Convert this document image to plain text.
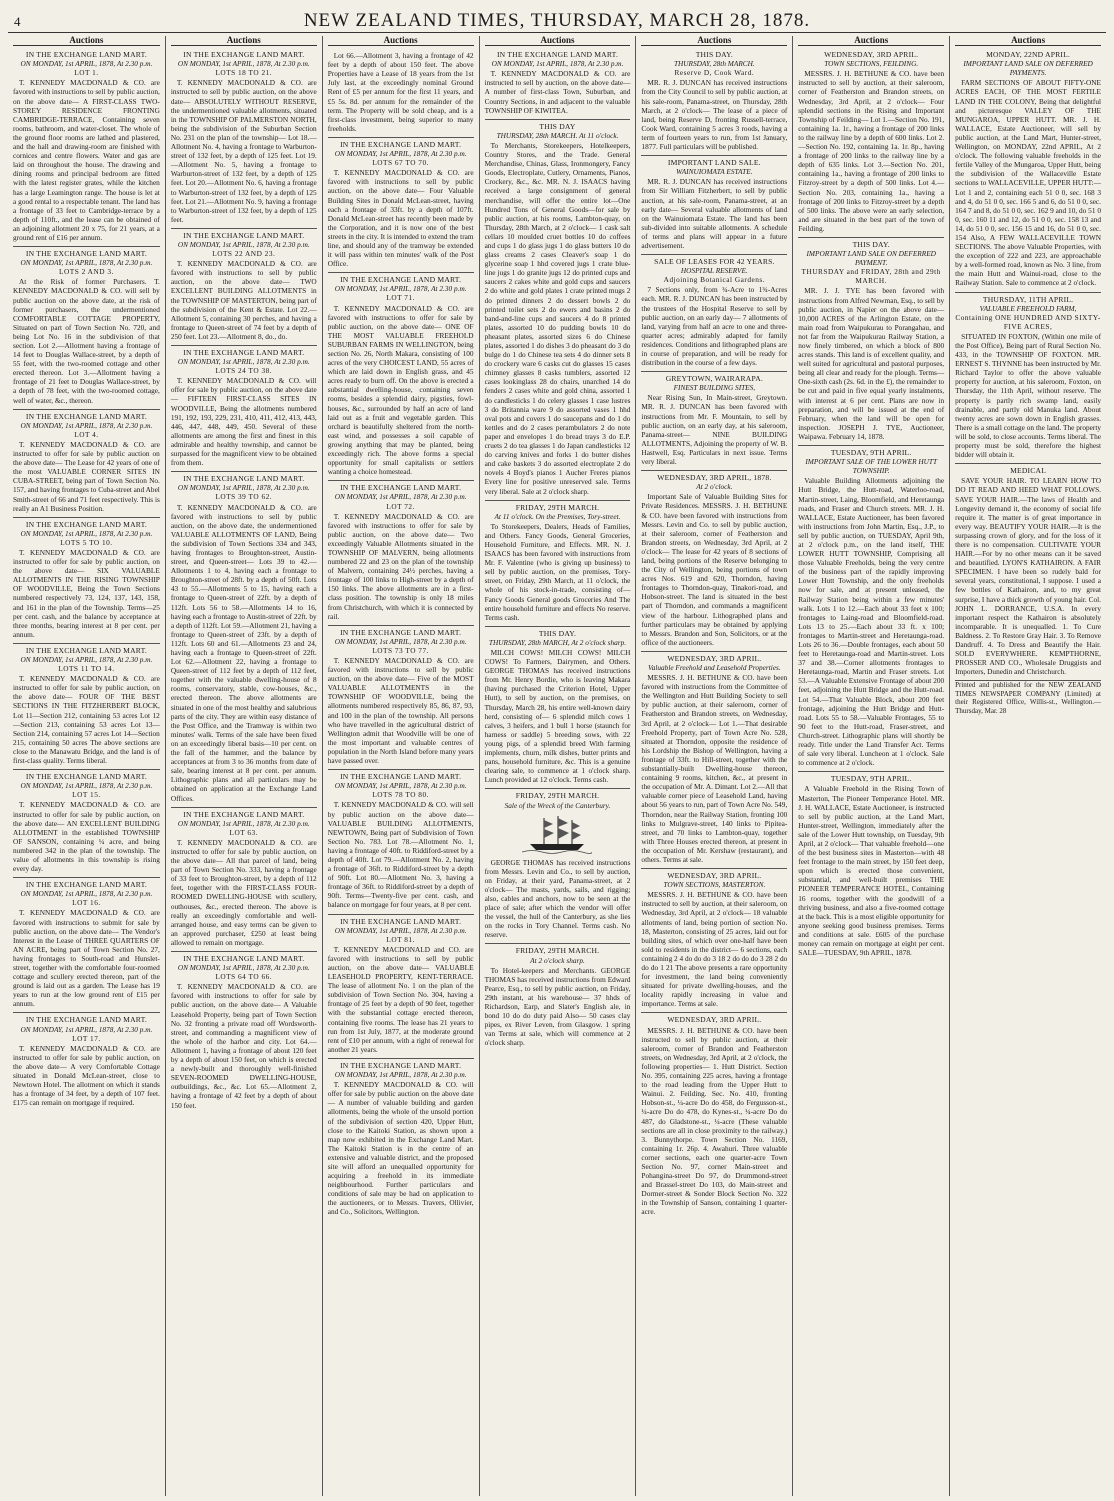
4	NEW ZEALAND TIMES, THURSDAY, MARCH 28, 1878.
Auctions
IN THE EXCHANGE LAND MART.
ON MONDAY, 1st APRIL, 1878, At 2.30 p.m.
LOT 1.

T. KENNEDY MACDONALD & CO. are favored with instructions to sell by public auction, on the above date— A FIRST-CLASS TWO-STOREY RESIDENCE FRONTING CAMBRIDGE-TERRACE, Containing seven rooms, bathroom, and water-closet. The whole of the ground floor rooms are lathed and plastered, and the hall and drawing-room are finished with cornices and centre flowers. Water and gas are laid on throughout the house. The drawing and dining rooms and principal bedroom are fitted with the latest register grates, while the kitchen has a large Leamington range. The house is let at a good rental to a respectable tenant. The land has a frontage of 33 feet to Cambridge-terrace by a depth of 110ft., and the lease can be obtained of an adjoining allotment 20 x 75, for 21 years, at a ground rent of £16 per annum.

IN THE EXCHANGE LAND MART.
ON MONDAY, 1st APRIL, 1878, At 2.30 p.m.
LOTS 2 AND 3.

At the Risk of former Purchasers. T. KENNEDY MACDONALD & CO. will sell by public auction on the above date, at the risk of former purchasers, the undermentioned COMFORTABLE COTTAGE PROPERTY, Situated on part of Town Section No. 720, and being Lot No. 16 in the subdivision of that section. Lot 2.—Allotment having a frontage of 14 feet to Douglas Wallace-street, by a depth of 55 feet, with the two-roomed cottage and other erected thereon. Lot 3.—Allotment having a frontage of 21 feet to Douglas Wallace-street, by a depth of 78 feet, with the two-roomed cottage, well of water, &c., thereon.

IN THE EXCHANGE LAND MART.
ON MONDAY, 1st APRIL, 1878, At 2.30 p.m.
LOT 4.

T. KENNEDY MACDONALD & CO. are instructed to offer for sale by public auction on the above date— The Lease for 42 years of one of the most VALUABLE CORNER SITES IN CUBA-STREET, being part of Town Section No. 157, and having frontages to Cuba-street and Abel Smith-street of 66 and 71 feet respectively. This is really an A1 Business Position.

IN THE EXCHANGE LAND MART.
ON MONDAY, 1st APRIL, 1878, At 2.30 p.m.
LOTS 5 TO 10.

T. KENNEDY MACDONALD & CO. are instructed to offer for sale by public auction, on the above date— SIX VALUABLE ALLOTMENTS IN THE RISING TOWNSHIP OF WOODVILLE, Being the Town Sections numbered respectively 73, 124, 137, 143, 158, and 161 in the plan of the Township. Terms—25 per cent. cash, and the balance by acceptance at three months, bearing interest at 8 per cent. per annum.

IN THE EXCHANGE LAND MART.
ON MONDAY, 1st APRIL, 1878, At 2.30 p.m.
LOTS 11 TO 14.

T. KENNEDY MACDONALD & CO. are instructed to offer for sale by public auction, on the above date— FOUR OF THE BEST SECTIONS IN THE FITZHERBERT BLOCK, Lot 11—Section 212, containing 53 acres Lot 12—Section 213, containing 53 acres Lot 13—Section 214, containing 57 acres Lot 14—Section 215, containing 50 acres The above sections are close to the Manawatu Bridge, and the land is of first-class quality. Terms liberal.

IN THE EXCHANGE LAND MART.
ON MONDAY, 1st APRIL, 1878, At 2.30 p.m.
LOT 15.

T. KENNEDY MACDONALD & CO. are instructed to offer for sale by public auction, on the above date— AN EXCELLENT BUILDING ALLOTMENT in the established TOWNSHIP OF SANSON, containing ¼ acre, and being numbered 342 in the plan of the township. The value of allotments in this township is rising every day.

IN THE EXCHANGE LAND MART.
ON MONDAY, 1st APRIL, 1878, At 2.30 p.m.
LOT 16.

T. KENNEDY MACDONALD & CO. are favored with instructions to submit for sale by public auction, on the above date— The Vendor's Interest in the Lease of THREE QUARTERS OF AN ACRE, being part of Town Section No. 27, having frontages to South-road and Hunslet-street, together with the comfortable four-roomed cottage and scullery erected thereon, part of the ground is laid out as a garden. The Lease has 19 years to run at the low ground rent of £15 per annum.

IN THE EXCHANGE LAND MART.
ON MONDAY, 1st APRIL, 1878, At 2.30 p.m.
LOT 17.

T. KENNEDY MACDONALD & CO. are instructed to offer for sale by public auction, on the above date— A very Comfortable Cottage situated in Donald McLean-street, close to Newtown Hotel. The allotment on which it stands has a frontage of 34 feet, by a depth of 107 feet. £175 can remain on mortgage if required.

Auctions
IN THE EXCHANGE LAND MART.
ON MONDAY, 1st APRIL, 1878, At 2.30 p.m.
LOTS 18 TO 21.

T. KENNEDY MACDONALD & CO. are instructed to sell by public auction, on the above date— ABSOLUTELY WITHOUT RESERVE, the undermentioned valuable allotments, situated in the TOWNSHIP OF PALMERSTON NORTH, being the subdivision of the Suburban Section No. 231 on the plan of the township— Lot 18.—Allotment No. 4, having a frontage to Warburton-street of 132 feet, by a depth of 125 feet. Lot 19.—Allotment No. 5, having a frontage to Warburton-street of 132 feet, by a depth of 125 feet. Lot 20.—Allotment No. 6, having a frontage to Warburton-street of 132 feet, by a depth of 125 feet. Lot 21.—Allotment No. 9, having a frontage to Warburton-street of 132 feet, by a depth of 125 feet.

IN THE EXCHANGE LAND MART.
ON MONDAY, 1st APRIL, 1878, At 2.30 p.m.
LOTS 22 AND 23.

T. KENNEDY MACDONALD & CO. are favored with instructions to sell by public auction, on the above date— TWO EXCELLENT BUILDING ALLOTMENTS in the TOWNSHIP OF MASTERTON, being part of the subdivision of the Kent & Estate. Lot 22.—Allotment 5, containing 30 perches, and having a frontage to Queen-street of 74 feet by a depth of 250 feet. Lot 23.—Allotment 8, do., do.

IN THE EXCHANGE LAND MART.
ON MONDAY, 1st APRIL, 1878, At 2.30 p.m.
LOTS 24 TO 38.

T. KENNEDY MACDONALD & CO. will offer for sale by public auction, on the above date— FIFTEEN FIRST-CLASS SITES IN WOODVILLE, Being the allotments numbered 191, 192, 193, 229, 231, 410, 411, 412, 413, 443, 446, 447, 448, 449, 450. Several of these allotments are among the first and finest in this admirable and healthy township, and cannot be surpassed for the magnificent view to be obtained from them.

IN THE EXCHANGE LAND MART.
ON MONDAY, 1st APRIL, 1878, At 2.30 p.m.
LOTS 39 TO 62.

T. KENNEDY MACDONALD & CO. are favored with instructions to sell by public auction, on the above date, the undermentioned VALUABLE ALLOTMENTS OF LAND, Being the subdivision of Town Sections 334 and 343, having frontages to Broughton-street, Austin-street, and Queen-street— Lots 39 to 42.—Allotments 1 to 4, having each a frontage to Broughton-street of 28ft. by a depth of 50ft. Lots 43 to 55.—Allotments 5 to 15, having each a frontage to Queen-street of 22ft. by a depth of 112ft. Lots 56 to 58.—Allotments 14 to 16, having each a frontage to Austin-street of 22ft. by a depth of 112ft. Lot 59.—Allotment 21, having a frontage to Queen-street of 23ft. by a depth of 112ft. Lots 60 and 61.—Allotments 23 and 24, having each a frontage to Queen-street of 22ft. Lot 62.—Allotment 22, having a frontage to Queen-street of 112 feet by a depth of 112 feet, together with the valuable dwelling-house of 8 rooms, conservatory, stable, cow-houses, &c., erected thereon. The above allotments are situated in one of the most healthy and salubrious parts of the city. They are within easy distance of the Post Office, and the Tramway is within two minutes' walk. Terms of the sale have been fixed on an exceedingly liberal basis—10 per cent. on the fall of the hammer, and the balance by acceptances at from 3 to 36 months from date of sale, bearing interest at 8 per cent. per annum. Lithographic plans and all particulars may be obtained on application at the Exchange Land Offices.

IN THE EXCHANGE LAND MART.
ON MONDAY, 1st APRIL, 1878, At 2.30 p.m.
LOT 63.

T. KENNEDY MACDONALD & CO. are instructed to offer for sale by public auction, on the above date— All that parcel of land, being part of Town Section No. 333, having a frontage of 33 feet to Broughton-street, by a depth of 112 feet, together with the FIRST-CLASS FOUR-ROOMED DWELLING-HOUSE with scullery, outhouses, &c., erected thereon. The above is really an exceedingly comfortable and well-arranged house, and easy terms can be given to an approved purchaser, £250 at least being allowed to remain on mortgage.

IN THE EXCHANGE LAND MART.
ON MONDAY, 1st APRIL, 1878, At 2.30 p.m.
LOTS 64 TO 66.

T. KENNEDY MACDONALD & CO. are favored with instructions to offer for sale by public auction, on the above date— A Valuable Leasehold Property, being part of Town Section No. 32 fronting a private road off Wordsworth-street, and commanding a magnificent view of the whole of the harbor and city. Lot 64.—Allotment 1, having a frontage of about 120 feet by a depth of about 150 feet, on which is erected a newly-built and thoroughly well-finished SEVEN-ROOMED DWELLING-HOUSE, outbuildings, &c., &c. Lot 65.—Allotment 2, having a frontage of 42 feet by a depth of about 150 feet.

Auctions

Lot 66.—Allotment 3, having a frontage of 42 feet by a depth of about 150 feet. The above Properties have a Lease of 18 years from the 1st July last, at the exceedingly nominal Ground Rent of £5 per annum for the first 11 years, and £5 5s. 8d. per annum for the remainder of the term. The Property will be sold cheap, and is a first-class investment, being superior to many freeholds.

IN THE EXCHANGE LAND MART.
ON MONDAY, 1st APRIL, 1878, At 2.30 p.m.
LOTS 67 TO 70.

T. KENNEDY MACDONALD & CO. are favored with instructions to sell by public auction, on the above date— Four Valuable Building Sites in Donald McLean-street, having each a frontage of 33ft. by a depth of 107ft. Donald McLean-street has recently been made by the Corporation, and it is now one of the best streets in the city. It is intended to extend the tram line, and should any of the tramway be extended it will pass within ten minutes' walk of the Post Office.

IN THE EXCHANGE LAND MART.
ON MONDAY, 1st APRIL, 1878, At 2.30 p.m.
LOT 71.

T. KENNEDY MACDONALD & CO. are favored with instructions to offer for sale by public auction, on the above date— ONE OF THE MOST VALUABLE FREEHOLD SUBURBAN FARMS IN WELLINGTON, being section No. 26, North Makara, consisting of 100 acres of the very CHOICEST LAND, 55 acres of which are laid down in English grass, and 45 acres ready to burn off. On the above is erected a substantial dwelling-house, containing seven rooms, besides a splendid dairy, pigsties, fowl-houses, &c., surrounded by half an acre of land laid out as a fruit and vegetable garden. This orchard is beautifully sheltered from the north-east wind, and possesses a soil capable of growing anything that may be planted, being exceedingly rich. The above forms a special opportunity for small capitalists or settlers wanting a choice homestead.

IN THE EXCHANGE LAND MART.
ON MONDAY, 1st APRIL, 1878, At 2.30 p.m.
LOT 72.

T. KENNEDY MACDONALD & CO. are favored with instructions to offer for sale by public auction, on the above date— Two exceedingly Valuable Allotments situated in the TOWNSHIP OF MALVERN, being allotments numbered 22 and 23 on the plan of the township of Malvern, containing 24½ perches, having a frontage of 100 links to High-street by a depth of 150 links. The above allotments are in a first-class position. The township is only 18 miles from Christchurch, with which it is connected by rail.

IN THE EXCHANGE LAND MART.
ON MONDAY, 1st APRIL, 1878, At 2.30 p.m.
LOTS 73 TO 77.

T. KENNEDY MACDONALD & CO. are favored with instructions to sell by public auction, on the above date— Five of the MOST VALUABLE ALLOTMENTS in the TOWNSHIP OF WOODVILLE, being the allotments numbered respectively 85, 86, 87, 93, and 100 in the plan of the township. All persons who have travelled in the agricultural district of Wellington admit that Woodville will be one of the most important and valuable centres of population in the North Island before many years have passed over.

IN THE EXCHANGE LAND MART.
ON MONDAY, 1st APRIL, 1878, At 2.30 p.m.
LOTS 78 TO 80.

T. KENNEDY MACDONALD & CO. will sell by public auction on the above date— VALUABLE BUILDING ALLOTMENTS, NEWTOWN, Being part of Subdivision of Town Section No. 783. Lot 78.—Allotment No. 1, having a frontage of 40ft. to Riddiford-street by a depth of 40ft. Lot 79.—Allotment No. 2, having a frontage of 36ft. to Riddiford-street by a depth of 90ft. Lot 80.—Allotment No. 3, having a frontage of 36ft. to Riddiford-street by a depth of 90ft. Terms—Twenty-five per cent. cash, and balance on mortgage for four years, at 8 per cent.

IN THE EXCHANGE LAND MART.
ON MONDAY, 1st APRIL, 1878, At 2.30 p.m.
LOT 81.

T. KENNEDY MACDONALD and CO. are favored with instructions to sell by public auction, on the above date— VALUABLE LEASEHOLD PROPERTY, KENT-TERRACE. The lease of allotment No. 1 on the plan of the subdivision of Town Section No. 304, having a frontage of 25 feet by a depth of 90 feet, together with the substantial cottage erected thereon, containing five rooms. The lease has 21 years to run from 1st July, 1877, at the moderate ground rent of £10 per annum, with a right of renewal for another 21 years.

IN THE EXCHANGE LAND MART.
ON MONDAY, 1st APRIL, 1878, At 2.30 p.m.

T. KENNEDY MACDONALD & CO. will offer for sale by public auction on the above date— A number of valuable building and garden allotments, being the whole of the unsold portion of the subdivision of section 420, Upper Hutt, close to the Kaitoki Station, as shown upon a map now exhibited in the Exchange Land Mart. The Kaitoki Station is in the centre of an extensive and valuable district, and the proposed site will afford an unequalled opportunity for acquiring a freehold in its immediate neighbourhood. Further particulars and conditions of sale may be had on application to the auctioneers, or to Messrs. Travers, Ollivier, and Co., Solicitors, Wellington.

Auctions
IN THE EXCHANGE LAND MART.
ON MONDAY, 1st APRIL, 1878, At 2.30 p.m.

T. KENNEDY MACDONALD & CO. are instructed to sell by auction, on the above date— A number of first-class Town, Suburban, and Country Sections, in and adjacent to the valuable TOWNSHIP OF KIWITEA.

THIS DAY
THURSDAY, 28th MARCH. At 11 o'clock.

To Merchants, Storekeepers, Hotelkeepers, Country Stores, and the Trade. General Merchandise, Chinas, Glass, Ironmongery, Fancy Goods, Electroplate, Cutlery, Ornaments, Pianos, Crockery, &c., &c. MR. N. J. ISAACS having received a large consignment of general merchandise, will offer the entire lot—One Hundred Tons of General Goods—for sale by public auction, at his rooms, Lambton-quay, on Thursday, 28th March, at 2 o'clock— 1 cask salt cellars 10 moulded cruet bottles 10 do coffees and cups 1 do glass jugs 1 do glass butters 10 do glass creams 2 cases Cleaver's soap 1 do glycerine soap 1 hhd covered jugs 1 crate blue-line jugs 1 do granite jugs 12 do printed cups and saucers 2 cakes white and gold cups and saucers 2 do white and gold plates 1 crate printed mugs 2 do printed dinners 2 do dessert bowls 2 do printed toilet sets 2 do ewers and basins 2 do band-and-line cups and saucers 4 do 8 printed plates, assorted 10 do pudding bowls 10 do pheasant plates, assorted sizes 6 do Chinese plates, assorted 1 do dishes 3 do pheasant do 3 do bulge do 1 do Chinese tea sets 4 do dinner sets 8 do crockery ware 6 casks cut do glasses 15 cases chimney glasses 8 casks tumblers, assorted 12 cases lookinglass 28 do chairs, unarched 14 do fenders 2 cases white and gold china, assorted 1 do candlesticks 1 do celery glasses 1 case lustres 3 do Britannia ware 9 do assorted vases 1 hhd oval pots and covers 1 do saucepans and do 1 do kettles and do 2 cases perambulators 2 do note paper and envelopes 1 do bread trays 3 do E.P. cruets 2 do tea glasses 1 do Japan candlesticks 12 do carving knives and forks 1 do butter dishes and cake baskets 3 do assorted electroplate 2 do novels 4 Boyd's pianos 1 Aucher Freres pianos Every line for positive unreserved sale. Terms very liberal. Sale at 2 o'clock sharp.

FRIDAY, 29TH MARCH.
At 11 o'clock. On the Premises, Tory-street.

To Storekeepers, Dealers, Heads of Families, and Others. Fancy Goods, General Groceries, Household Furniture, and Effects. MR. N. J. ISAACS has been favored with instructions from Mr. F. Valentine (who is giving up business) to sell by public auction, on the premises, Tory-street, on Friday, 29th March, at 11 o'clock, the whole of his stock-in-trade, consisting of— Fancy Goods General goods Groceries And The entire household furniture and effects No reserve. Terms cash.

THIS DAY.
THURSDAY, 28th MARCH, At 2 o'clock sharp.

MILCH COWS! MILCH COWS! MILCH COWS! To Farmers, Dairymen, and Others. GEORGE THOMAS has received instructions from Mr. Henry Bordie, who is leaving Makara (having purchased the Criterion Hotel, Upper Hutt), to sell by auction, on the premises, on Thursday, March 28, his entire well-known dairy herd, consisting of— 6 splendid milch cows 1 calves, 3 heifers, and 1 bull 1 horse (staunch for harness or saddle) 5 breeding sows, with 22 young pigs, of a splendid breed With farming implements, churn, milk dishes, butter prints and pans, household furniture, &c. This is a genuine clearing sale, to commence at 1 o'clock sharp. Lunch provided at 12 o'clock. Terms cash.

FRIDAY, 29TH MARCH.
Sale of the Wreck of the Canterbury.

GEORGE THOMAS has received instructions from Messrs. Levin and Co., to sell by auction, on Friday, at their yard, Panama-street, at 2 o'clock— The masts, yards, sails, and rigging; also, cables and anchors, now to be seen at the place of sale; after which the vendor will offer the vessel, the hull of the Canterbury, as she lies on the rocks in Tory Channel. Terms cash. No reserve.

FRIDAY, 29TH MARCH.
At 2 o'clock sharp.

To Hotel-keepers and Merchants. GEORGE THOMAS has received instructions from Edward Pearce, Esq., to sell by public auction, on Friday, 29th instant, at his warehouse— 37 hhds of Richardson, Earp, and Slater's English ale, in bond 10 do do duty paid Also— 50 cases clay pipes, ex River Leven, from Glasgow. 1 spring van Terms at sale, which will commence at 2 o'clock sharp.

Auctions
THIS DAY.
THURSDAY, 28th MARCH.
Reserve D, Cook Ward.

MR. R. J. DUNCAN has received instructions from the City Council to sell by public auction, at his sale-room, Panama-street, on Thursday, 28th March, at 2 o'clock— The lease of a piece of land, being Reserve D, fronting Russell-terrace, Cook Ward, containing 5 acres 3 roods, having a term of fourteen years to run, from 1st January, 1877. Full particulars will be published.

IMPORTANT LAND SALE.
WAINUIOMATA ESTATE.

MR. R. J. DUNCAN has received instructions from Sir William Fitzherbert, to sell by public auction, at his sale-room, Panama-street, at an early date— Several valuable allotments of land on the Wainuiomata Estate. The land has been sub-divided into suitable allotments. A schedule of terms and plans will appear in a future advertisement.

SALE OF LEASES FOR 42 YEARS.
HOSPITAL RESERVE.
Adjoining Botanical Gardens.

7 Sections only, from ¾-Acre to 1¾-Acres each. MR. R. J. DUNCAN has been instructed by the trustees of the Hospital Reserve to sell by public auction, on an early day— 7 allotments of land, varying from half an acre to one and three-quarter acres; admirably adapted for family residences. Conditions and lithographed plans are in course of preparation, and will be ready for distribution in the course of a few days.

GREYTOWN, WAIRARAPA.
FINEST BUILDING SITES,

Near Rising Sun, In Main-street, Greytown. MR. R. J. DUNCAN has been favored with instructions from Mr. F. Mountain, to sell by public auction, on an early day, at his saleroom, Panama-street— NINE BUILDING ALLOTMENTS, Adjoining the property of W. B. Hastwell, Esq. Particulars in next issue. Terms very liberal.

WEDNESDAY, 3RD APRIL, 1878.
At 2 o'clock.

Important Sale of Valuable Building Sites for Private Residences. MESSRS. J. H. BETHUNE & CO. have been favored with instructions from Messrs. Levin and Co. to sell by public auction, at their saleroom, corner of Featherston and Brandon streets, on Wednesday, 3rd April, at 2 o'clock— The lease for 42 years of 8 sections of land, being portions of the Reserve belonging to the City of Wellington, being portions of town acres Nos. 619 and 620, Thorndon, having frontages to Thorndon-quay, Tinakori-road, and Hobson-street. The land is situated in the best part of Thorndon, and commands a magnificent view of the harbour. Lithographed plans and further particulars may be obtained by applying to Messrs. Brandon and Son, Solicitors, or at the office of the auctioneers.

WEDNESDAY, 3RD APRIL.
Valuable Freehold and Leasehold Properties.

MESSRS. J. H. BETHUNE & CO. have been favored with instructions from the Committee of the Wellington and Hutt Building Society to sell by public auction, at their saleroom, corner of Featherston and Brandon streets, on Wednesday, 3rd April, at 2 o'clock— Lot 1.—That desirable Freehold Property, part of Town Acre No. 528, situated at Thorndon, opposite the residence of his Lordship the Bishop of Wellington, having a frontage of 33ft. to Hill-street, together with the substantially-built Dwelling-house thereon, containing 9 rooms, kitchen, &c., at present in the occupation of Mr. A. Dimant. Lot 2.—All that valuable corner piece of Leasehold Land, having about 56 years to run, part of Town Acre No. 549, Thorndon, near the Railway Station, fronting 100 links to Mulgrave-street, 140 links to Pipitea-street, and 70 links to Lambton-quay, together with Three Houses erected thereon, at present in the occupation of Mr. Kershaw (restaurant), and others. Terms at sale.

WEDNESDAY, 3RD APRIL.
TOWN SECTIONS, MASTERTON.

MESSRS. J. H. BETHUNE & CO. have been instructed to sell by auction, at their saleroom, on Wednesday, 3rd April, at 2 o'clock— 18 valuable allotments of land, being portion of section No. 18, Masterton, consisting of 25 acres, laid out for building sites, of which over one-half have been sold to residents in the district— 6 sections, each containing 2 4 do do do 3 18 2 do do do 3 28 2 do do do 1 21 The above presents a rare opportunity for investment, the land being conveniently situated for private dwelling-houses, and the locality rapidly increasing in value and importance. Terms at sale.

WEDNESDAY, 3RD APRIL.

MESSRS. J. H. BETHUNE & CO. have been instructed to sell by public auction, at their saleroom, corner of Brandon and Featherston streets, on Wednesday, 3rd April, at 2 o'clock, the following properties— 1. Hutt District. Section No. 395, containing 225 acres, having a frontage to the road leading from the Upper Hutt to Wainui. 2. Feilding. Sec. No. 410, fronting Hobson-st., ¼-acre Do do 458, do Fergusson-st., ¼-acre Do do 478, do Kynes-st., ¼-acre Do do 487, do Gladstone-st., ¼-acre (These valuable sections are all in close proximity to the railway.) 3. Bunnythorpe. Town Section No. 1169, containing 1r. 26p. 4. Awahuri. Three valuable corner sections, each one quarter-acre Town Section No. 97, corner Main-street and Pohangina-street Do 97, do Drummond-street and Brassel-street Do 103, do Main-street and Dormer-street & Sonder Block Section No. 322 in the Township of Sanson, containing 1 quarter-acre.

Auctions
WEDNESDAY, 3RD APRIL.
TOWN SECTIONS, FEILDING.

MESSRS. J. H. BETHUNE & CO. have been instructed to sell by auction, at their saleroom, corner of Featherston and Brandon streets, on Wednesday, 3rd April, at 2 o'clock— Four splendid sections in the Rising and Important Township of Feilding— Lot 1.—Section No. 191, containing 1a. 1r., having a frontage of 200 links to the railway line by a depth of 600 links. Lot 2.—Section No. 192, containing 1a. 1r. 8p., having a frontage of 200 links to the railway line by a depth of 635 links. Lot 3.—Section No. 201, containing 1a., having a frontage of 200 links to Fitzroy-street by a depth of 500 links. Lot 4.—Section No. 203, containing 1a., having a frontage of 200 links to Fitzroy-street by a depth of 500 links. The above were an early selection, and are situated in the best part of the town of Feilding.

THIS DAY.
IMPORTANT LAND SALE ON DEFERRED PAYMENT.
THURSDAY and FRIDAY, 28th and 29th MARCH.

MR. J. J. TYE has been favored with instructions from Alfred Newman, Esq., to sell by public auction, in Napier on the above date— 10,000 ACRES of the Arlington Estate, on the main road from Waipukurau to Porangahau, and not far from the Waipukurau Railway Station, a now finely timbered, on which a block of 800 acres stands. This land is of excellent quality, and well suited for agricultural and pastoral purposes, being all clear and ready for the plough. Terms—One-sixth cash (2s. 6d. in the £), the remainder to be cut and paid in five equal yearly instalments, with interest at 6 per cent. Plans are now in preparation, and will be issued at the end of February, when the land will be open for inspection. JOSEPH J. TYE, Auctioneer, Waipawa. February 14, 1878.

TUESDAY, 9TH APRIL.
IMPORTANT SALE OF THE LOWER HUTT TOWNSHIP.

Valuable Building Allotments adjoining the Hutt Bridge, the Hutt-road, Waterloo-road, Martin-street, Laing, Bloomfield, and Heretaunga roads, and Fraser and Church streets. MR. J. H. WALLACE, Estate Auctioneer, has been favored with instructions from John Martin, Esq., J.P., to sell by public auction, on TUESDAY, April 9th, at 2 o'clock p.m., on the land itself, THE LOWER HUTT TOWNSHIP, Comprising all those Valuable Freeholds, being the very centre of the business part of the rapidly improving Lower Hutt Township, and the only freeholds now for sale, and at present unleased, the Railway Station being within a few minutes' walk. Lots 1 to 12.—Each about 33 feet x 100; frontages to Laing-road and Bloomfield-road. Lots 13 to 25.—Each about 33 ft. x 100; frontages to Martin-street and Heretaunga-road. Lots 26 to 36.—Double frontages, each about 50 feet to Heretaunga-road and Martin-street. Lots 37 and 38.—Corner allotments frontages to Heretaunga-road, Martin and Fraser streets. Lot 53.—A Valuable Extensive Frontage of about 200 feet, adjoining the Hutt Bridge and the Hutt-road. Lot 54.—That Valuable Block, about 200 feet frontage, adjoining the Hutt Bridge and Hutt-road. Lots 55 to 58.—Valuable Frontages, 55 to 90 feet to the Hutt-road, Fraser-street, and Church-street. Lithographic plans will shortly be ready. Title under the Land Transfer Act. Terms of sale very liberal. Luncheon at 1 o'clock. Sale to commence at 2 o'clock.

TUESDAY, 9TH APRIL.

A Valuable Freehold in the Rising Town of Masterton, The Pioneer Temperance Hotel. MR. J. H. WALLACE, Estate Auctioneer, is instructed to sell by public auction, at the Land Mart, Hunter-street, Wellington, immediately after the sale of the Lower Hutt township, on Tuesday, 9th April, at 2 o'clock— That valuable freehold—one of the best business sites in Masterton—with 48 feet frontage to the main street, by 150 feet deep, upon which is erected those convenient, substantial, and well-built premises THE PIONEER TEMPERANCE HOTEL, Containing 16 rooms, together with the goodwill of a thriving business, and also a five-roomed cottage at the back. This is a most eligible opportunity for anyone seeking good business premises. Terms and conditions at sale. £605 of the purchase money can remain on mortgage at eight per cent. SALE—TUESDAY, 9th APRIL, 1878.

Auctions
MONDAY, 22ND APRIL.
IMPORTANT LAND SALE ON DEFERRED PAYMENTS.

FARM SECTIONS OF ABOUT FIFTY-ONE ACRES EACH, OF THE MOST FERTILE LAND IN THE COLONY, Being that delightful and picturesque VALLEY OF THE MUNGAROA, UPPER HUTT. MR. J. H. WALLACE, Estate Auctioneer, will sell by public auction, at the Land Mart, Hunter-street, Wellington, on MONDAY, 22nd APRIL, At 2 o'clock. The following valuable freeholds in the fertile Valley of the Mungaroa, Upper Hutt, being the subdivision of the Wallaceville Estate sections to WALLACEVILLE, UPPER HUTT:— Lot 1 and 2, containing each 51 0 0, sec. 168 3 and 4, do 51 0 0, sec. 166 5 and 6, do 51 0 0, sec. 164 7 and 8, do 51 0 0, sec. 162 9 and 10, do 51 0 0, sec. 160 11 and 12, do 51 0 0, sec. 158 13 and 14, do 51 0 0, sec. 156 15 and 16, do 51 0 0, sec. 154 Also, A FEW WALLACEVILLE TOWN SECTIONS. The above Valuable Properties, with the exception of 222 and 223, are approachable by a well-formed road, known as No. 3 line, from the main Hutt and Wainui-road, close to the Railway Station. Sale to commence at 2 o'clock.

THURSDAY, 11TH APRIL.
VALUABLE FREEHOLD FARM,
Containing ONE HUNDRED AND SIXTY-FIVE ACRES,

SITUATED IN FOXTON, (Within one mile of the Post Office), Being part of Rural Section No. 433, in the TOWNSHIP OF FOXTON. MR. ERNEST S. THYNNE has been instructed by Mr. Richard Taylor to offer the above valuable property for auction, at his saleroom, Foxton, on Thursday, the 11th April, without reserve. The property is partly rich swamp land, easily drainable, and partly old Manuka land. About twenty acres are sown down in English grasses. There is a small cottage on the land. The property will be sold, to close accounts. Terms liberal. The property must be sold, therefore the highest bidder will obtain it.

MEDICAL

SAVE YOUR HAIR. TO LEARN HOW TO DO IT READ AND HEED WHAT FOLLOWS. SAVE YOUR HAIR.—The laws of Health and Longevity demand it, the economy of social life require it. The matter is of great importance in every way. BEAUTIFY YOUR HAIR.—It is the surpassing crown of glory, and for the loss of it there is no compensation. CULTIVATE YOUR HAIR.—For by no other means can it be saved and beautified. LYON'S KATHAIRON. A FAIR SPECIMEN. I have been so rudely bald for several years, constitutional, I suppose. I used a few bottles of Kathairon, and, to my great surprise, I have a thick growth of young hair. Col. JOHN L. DORRANCE, U.S.A. In every important respect the Kathairon is absolutely incomparable. It is unequalled. 1. To Cure Baldness. 2. To Restore Gray Hair. 3. To Remove Dandruff. 4. To Dress and Beautify the Hair. SOLD EVERYWHERE. KEMPTHORNE, PROSSER AND CO., Wholesale Druggists and Importers, Dunedin and Christchurch.

Printed and published for the NEW ZEALAND TIMES NEWSPAPER COMPANY (Limited) at their Registered Office, Willis-st., Wellington.—Thursday, Mar. 28
